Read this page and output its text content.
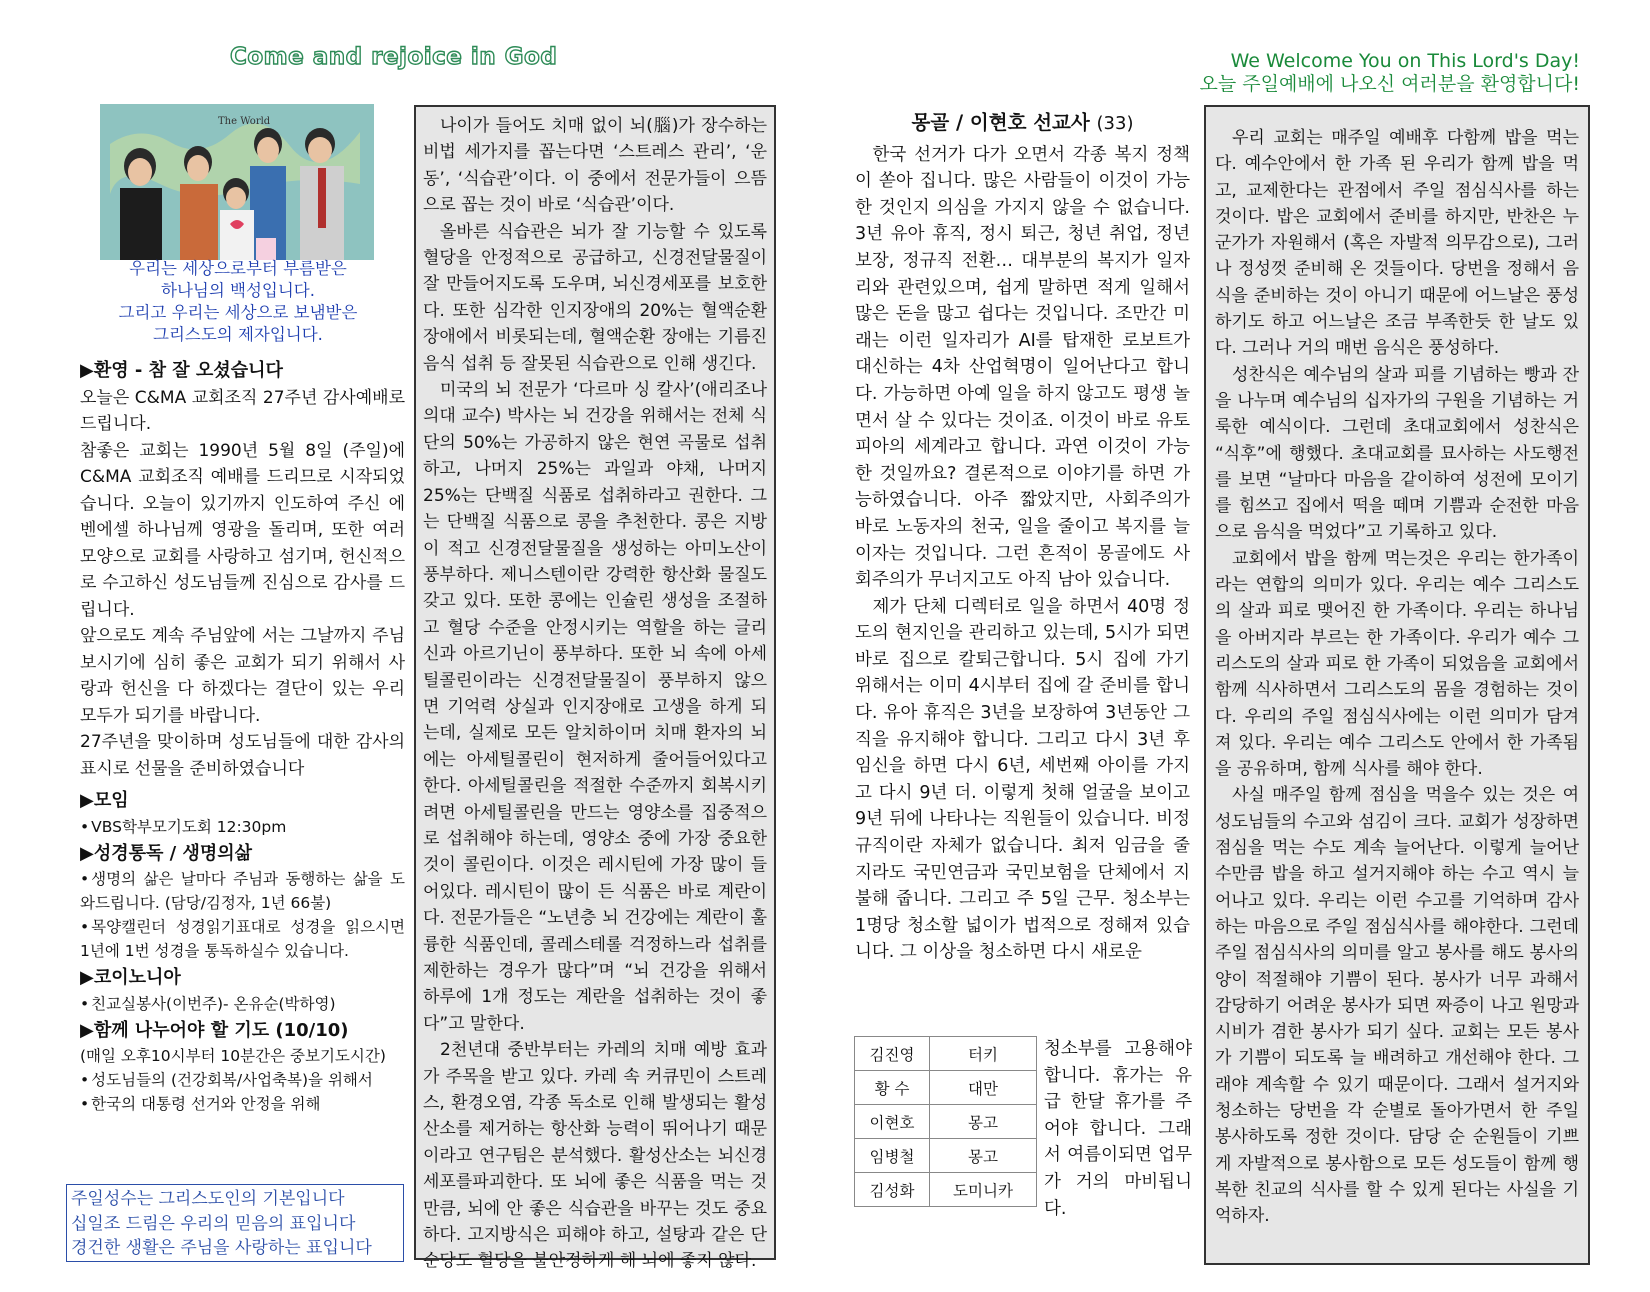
Come and rejoice in God	We Welcome You on This Lord's Day!
오늘 주일예배에 나오신 여러분을 환영합니다!
The World
우리는 세상으로부터 부름받은
하나님의 백성입니다.
그리고 우리는 세상으로 보냄받은
그리스도의 제자입니다.
▶환영 - 참 잘 오셨습니다

오늘은 C&MA 교회조직 27주년 감사예배로 드립니다.

참좋은 교회는 1990년 5월 8일 (주일)에 C&MA 교회조직 예배를 드리므로 시작되었습니다. 오늘이 있기까지 인도하여 주신 에벤에셀 하나님께 영광을 돌리며, 또한 여러 모양으로 교회를 사랑하고 섬기며, 헌신적으로 수고하신 성도님들께 진심으로 감사를 드립니다.

앞으로도 계속 주님앞에 서는 그날까지 주님 보시기에 심히 좋은 교회가 되기 위해서 사랑과 헌신을 다 하겠다는 결단이 있는 우리 모두가 되기를 바랍니다.

27주년을 맞이하며 성도님들에 대한 감사의 표시로 선물을 준비하였습니다

▶모임

• VBS학부모기도회 12:30pm

▶성경통독 / 생명의삶

• 생명의 삶은 날마다 주님과 동행하는 삶을 도와드립니다. (담당/김정자, 1년 66불)

• 목양캘린더 성경읽기표대로 성경을 읽으시면 1년에 1번 성경을 통독하실수 있습니다.

▶코이노니아

• 친교실봉사(이번주)- 온유순(박하영)

▶함께 나누어야 할 기도 (10/10)

(매일 오후10시부터 10분간은 중보기도시간)

• 성도님들의 (건강회복/사업축복)을 위해서

• 한국의 대통령 선거와 안정을 위해

주일성수는 그리스도인의 기본입니다
십일조 드림은 우리의 믿음의 표입니다
경건한 생활은 주님을 사랑하는 표입니다

나이가 들어도 치매 없이 뇌(腦)가 장수하는 비법 세가지를 꼽는다면 ‘스트레스 관리’, ‘운동’, ‘식습관’이다. 이 중에서 전문가들이 으뜸으로 꼽는 것이 바로 ‘식습관’이다.

올바른 식습관은 뇌가 잘 기능할 수 있도록 혈당을 안정적으로 공급하고, 신경전달물질이 잘 만들어지도록 도우며, 뇌신경세포를 보호한다. 또한 심각한 인지장애의 20%는 혈액순환 장애에서 비롯되는데, 혈액순환 장애는 기름진 음식 섭취 등 잘못된 식습관으로 인해 생긴다.

미국의 뇌 전문가 ‘다르마 싱 칼사’(애리조나의대 교수) 박사는 뇌 건강을 위해서는 전체 식단의 50%는 가공하지 않은 현연 곡물로 섭취하고, 나머지 25%는 과일과 야채, 나머지 25%는 단백질 식품로 섭취하라고 권한다. 그는 단백질 식품으로 콩을 추천한다. 콩은 지방이 적고 신경전달물질을 생성하는 아미노산이 풍부하다. 제니스텐이란 강력한 항산화 물질도 갖고 있다. 또한 콩에는 인슐린 생성을 조절하고 혈당 수준을 안정시키는 역할을 하는 글리신과 아르기닌이 풍부하다. 또한 뇌 속에 아세틸콜린이라는 신경전달물질이 풍부하지 않으면 기억력 상실과 인지장애로 고생을 하게 되는데, 실제로 모든 알치하이머 치매 환자의 뇌에는 아세틸콜린이 현저하게 줄어들어있다고 한다. 아세틸콜린을 적절한 수준까지 회복시키려면 아세틸콜린을 만드는 영양소를 집중적으로 섭취해야 하는데, 영양소 중에 가장 중요한 것이 콜린이다. 이것은 레시틴에 가장 많이 들어있다. 레시틴이 많이 든 식품은 바로 계란이다. 전문가들은 “노년층 뇌 건강에는 계란이 훌륭한 식품인데, 콜레스테롤 걱정하느라 섭취를 제한하는 경우가 많다”며 “뇌 건강을 위해서 하루에 1개 정도는 계란을 섭취하는 것이 좋다”고 말한다.

2천년대 중반부터는 카레의 치매 예방 효과가 주목을 받고 있다. 카레 속 커큐민이 스트레스, 환경오염, 각종 독소로 인해 발생되는 활성산소를 제거하는 항산화 능력이 뛰어나기 때문이라고 연구팀은 분석했다. 활성산소는 뇌신경세포를파괴한다. 또 뇌에 좋은 식품을 먹는 것 만큼, 뇌에 안 좋은 식습관을 바꾸는 것도 중요하다. 고지방식은 피해야 하고, 설탕과 같은 단순당도 혈당을 불안정하게 해 뇌에 좋지 않다.

몽골 / 이현호 선교사 (33)

한국 선거가 다가 오면서 각종 복지 정책이 쏟아 집니다. 많은 사람들이 이것이 가능한 것인지 의심을 가지지 않을 수 없습니다. 3년 유아 휴직, 정시 퇴근, 청년 취업, 정년 보장, 정규직 전환… 대부분의 복지가 일자리와 관련있으며, 쉽게 말하면 적게 일해서 많은 돈을 많고 쉽다는 것입니다. 조만간 미래는 이런 일자리가 AI를 탑재한 로보트가 대신하는 4차 산업혁명이 일어난다고 합니다. 가능하면 아예 일을 하지 않고도 평생 놀면서 살 수 있다는 것이죠. 이것이 바로 유토피아의 세계라고 합니다. 과연 이것이 가능한 것일까요? 결론적으로 이야기를 하면 가능하였습니다. 아주 짧았지만, 사회주의가 바로 노동자의 천국, 일을 줄이고 복지를 늘이자는 것입니다. 그런 흔적이 몽골에도 사회주의가 무너지고도 아직 남아 있습니다.

제가 단체 디렉터로 일을 하면서 40명 정도의 현지인을 관리하고 있는데, 5시가 되면 바로 집으로 칼퇴근합니다. 5시 집에 가기 위해서는 이미 4시부터 집에 갈 준비를 합니다. 유아 휴직은 3년을 보장하여 3년동안 그 직을 유지해야 합니다. 그리고 다시 3년 후 임신을 하면 다시 6년, 세번째 아이를 가지고 다시 9년 더. 이렇게 첫해 얼굴을 보이고 9년 뒤에 나타나는 직원들이 있습니다. 비정규직이란 자체가 없습니다. 최저 임금을 줄지라도 국민연금과 국민보험을 단체에서 지불해 줍니다. 그리고 주 5일 근무. 청소부는 1명당 청소할 넓이가 법적으로 정해져 있습니다. 그 이상을 청소하면 다시 새로운

김진영	터키
황 수	대만
이현호	몽고
임병철	몽고
김성화	도미니카
청소부를 고용해야 합니다. 휴가는 유급 한달 휴가를 주어야 합니다. 그래서 여름이되면 업무가 거의 마비됩니다.

우리 교회는 매주일 예배후 다함께 밥을 먹는다. 예수안에서 한 가족 된 우리가 함께 밥을 먹고, 교제한다는 관점에서 주일 점심식사를 하는 것이다. 밥은 교회에서 준비를 하지만, 반찬은 누군가가 자원해서 (혹은 자발적 의무감으로), 그러나 정성껏 준비해 온 것들이다. 당번을 정해서 음식을 준비하는 것이 아니기 때문에 어느날은 풍성하기도 하고 어느날은 조금 부족한듯 한 날도 있다. 그러나 거의 매번 음식은 풍성하다.

성찬식은 예수님의 살과 피를 기념하는 빵과 잔을 나누며 예수님의 십자가의 구원을 기념하는 거룩한 예식이다. 그런데 초대교회에서 성찬식은 “식후”에 행했다. 초대교회를 묘사하는 사도행전를 보면 “날마다 마음을 같이하여 성전에 모이기를 힘쓰고 집에서 떡을 떼며 기쁨과 순전한 마음으로 음식을 먹었다”고 기록하고 있다.

교회에서 밥을 함께 먹는것은 우리는 한가족이라는 연합의 의미가 있다. 우리는 예수 그리스도의 살과 피로 맺어진 한 가족이다. 우리는 하나님을 아버지라 부르는 한 가족이다. 우리가 예수 그리스도의 살과 피로 한 가족이 되었음을 교회에서 함께 식사하면서 그리스도의 몸을 경험하는 것이다. 우리의 주일 점심식사에는 이런 의미가 담겨져 있다. 우리는 예수 그리스도 안에서 한 가족됨을 공유하며, 함께 식사를 해야 한다.

사실 매주일 함께 점심을 먹을수 있는 것은 여성도님들의 수고와 섬김이 크다. 교회가 성장하면 점심을 먹는 수도 계속 늘어난다. 이렇게 늘어난 수만큼 밥을 하고 설거지해야 하는 수고 역시 늘어나고 있다. 우리는 이런 수고를 기억하며 감사하는 마음으로 주일 점심식사를 해야한다. 그런데 주일 점심식사의 의미를 알고 봉사를 해도 봉사의 양이 적절해야 기쁨이 된다. 봉사가 너무 과해서 감당하기 어려운 봉사가 되면 짜증이 나고 원망과 시비가 겸한 봉사가 되기 싶다. 교회는 모든 봉사가 기쁨이 되도록 늘 배려하고 개선해야 한다. 그래야 계속할 수 있기 때문이다. 그래서 설거지와 청소하는 당번을 각 순별로 돌아가면서 한 주일 봉사하도록 정한 것이다. 담당 순 순원들이 기쁘게 자발적으로 봉사함으로 모든 성도들이 함께 행복한 친교의 식사를 할 수 있게 된다는 사실을 기억하자.
